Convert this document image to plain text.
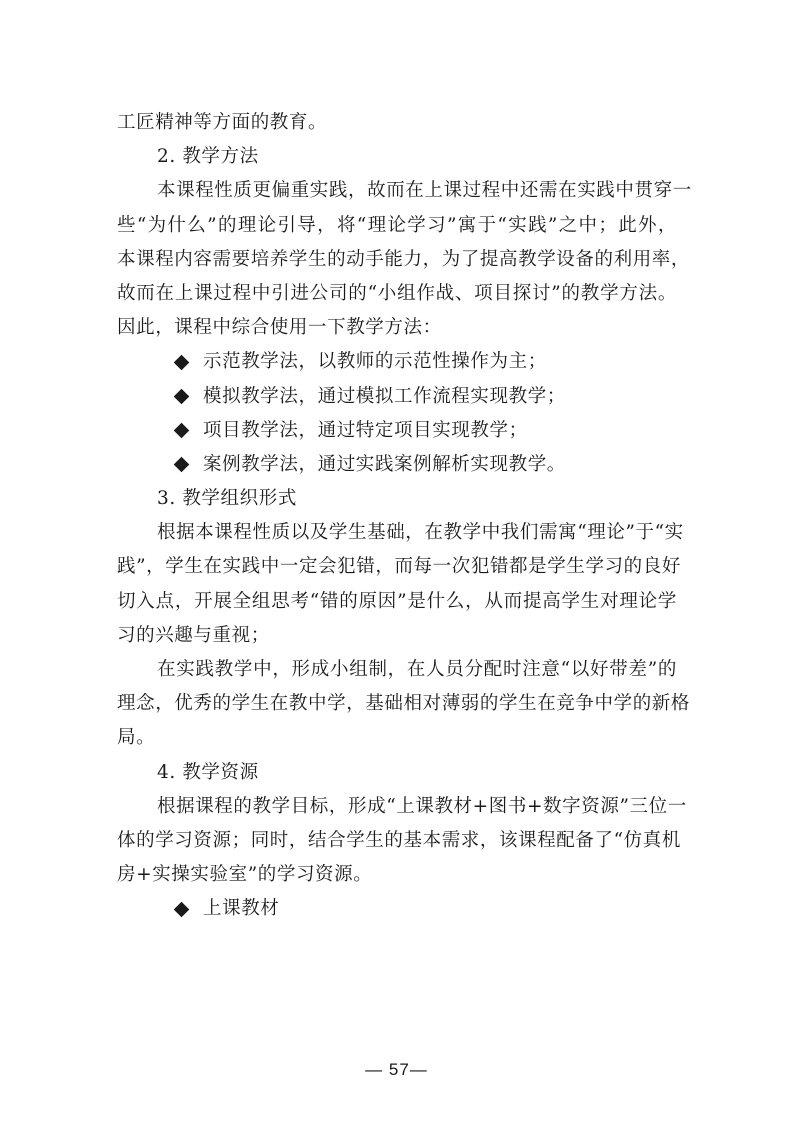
工匠精神等方面的教育。
2. 教学方法
本课程性质更偏重实践，故而在上课过程中还需在实践中贯穿一
些“为什么”的理论引导，将“理论学习”寓于“实践”之中；此外，
本课程内容需要培养学生的动手能力，为了提高教学设备的利用率，
故而在上课过程中引进公司的“小组作战、项目探讨”的教学方法。
因此，课程中综合使用一下教学方法：
示范教学法，以教师的示范性操作为主；
模拟教学法，通过模拟工作流程实现教学；
项目教学法，通过特定项目实现教学；
案例教学法，通过实践案例解析实现教学。
3. 教学组织形式
根据本课程性质以及学生基础，在教学中我们需寓“理论”于“实
践”，学生在实践中一定会犯错，而每一次犯错都是学生学习的良好
切入点，开展全组思考“错的原因”是什么，从而提高学生对理论学
习的兴趣与重视；
在实践教学中，形成小组制，在人员分配时注意“以好带差”的
理念，优秀的学生在教中学，基础相对薄弱的学生在竞争中学的新格
局。
4. 教学资源
根据课程的教学目标，形成“上课教材+图书+数字资源”三位一
体的学习资源；同时，结合学生的基本需求，该课程配备了“仿真机
房+实操实验室”的学习资源。
上课教材
— 57—
